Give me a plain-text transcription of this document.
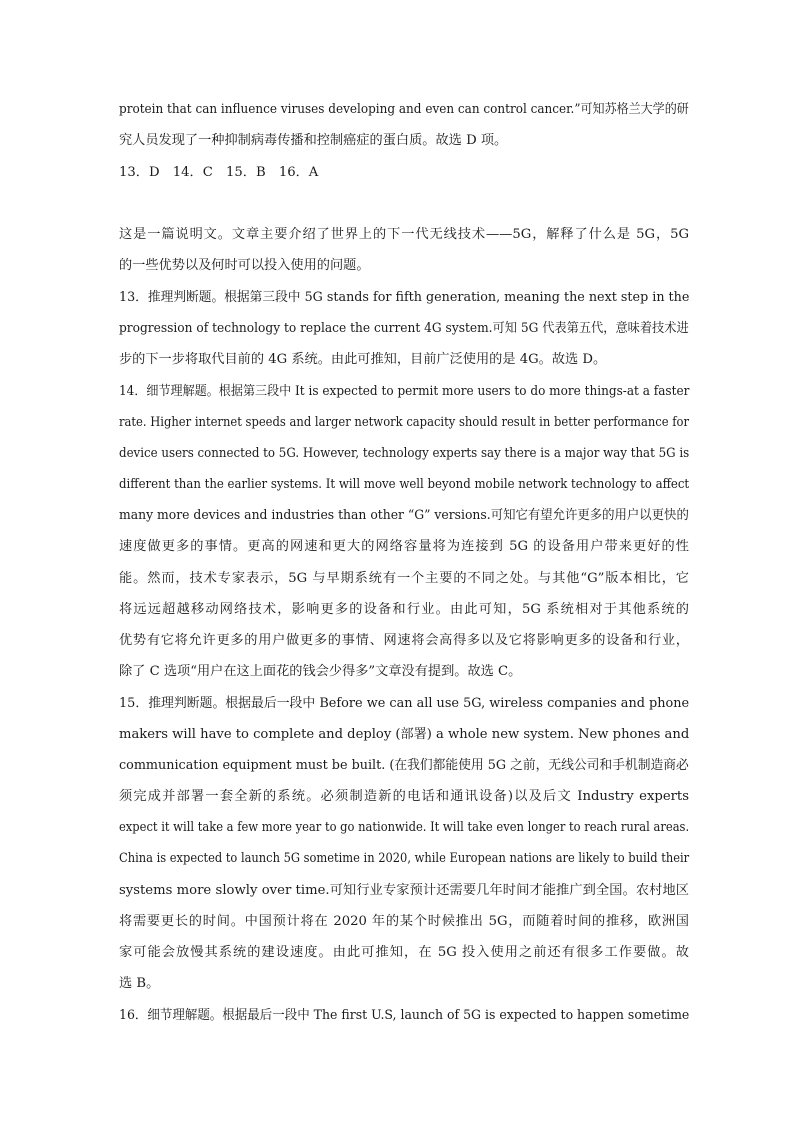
protein that can influence viruses developing and even can control cancer.”可知苏格兰大学的研
究人员发现了一种抑制病毒传播和控制癌症的蛋白质。故选 D 项。
13．D　14．C　15．B　16．A
这是一篇说明文。文章主要介绍了世界上的下一代无线技术——5G，解释了什么是 5G，5G
的一些优势以及何时可以投入使用的问题。
13．推理判断题。根据第三段中 5G stands for fifth generation, meaning the next step in the
progression of technology to replace the current 4G system.可知 5G 代表第五代，意味着技术进
步的下一步将取代目前的 4G 系统。由此可推知，目前广泛使用的是 4G。故选 D。
14．细节理解题。根据第三段中 It is expected to permit more users to do more things-at a faster
rate. Higher internet speeds and larger network capacity should result in better performance for
device users connected to 5G. However, technology experts say there is a major way that 5G is
different than the earlier systems. It will move well beyond mobile network technology to affect
many more devices and industries than other “G” versions.可知它有望允许更多的用户以更快的
速度做更多的事情。更高的网速和更大的网络容量将为连接到 5G 的设备用户带来更好的性
能。然而，技术专家表示，5G 与早期系统有一个主要的不同之处。与其他“G”版本相比，它
将远远超越移动网络技术，影响更多的设备和行业。由此可知，5G 系统相对于其他系统的
优势有它将允许更多的用户做更多的事情、网速将会高得多以及它将影响更多的设备和行业，
除了 C 选项“用户在这上面花的钱会少得多”文章没有提到。故选 C。
15．推理判断题。根据最后一段中 Before we can all use 5G, wireless companies and phone
makers will have to complete and deploy (部署) a whole new system. New phones and
communication equipment must be built. (在我们都能使用 5G 之前，无线公司和手机制造商必
须完成并部署一套全新的系统。必须制造新的电话和通讯设备)以及后文 Industry experts
expect it will take a few more year to go nationwide. It will take even longer to reach rural areas.
China is expected to launch 5G sometime in 2020, while European nations are likely to build their
systems more slowly over time.可知行业专家预计还需要几年时间才能推广到全国。农村地区
将需要更长的时间。中国预计将在 2020 年的某个时候推出 5G，而随着时间的推移，欧洲国
家可能会放慢其系统的建设速度。由此可推知，在 5G 投入使用之前还有很多工作要做。故
选 B。
16．细节理解题。根据最后一段中 The first U.S, launch of 5G is expected to happen sometime
